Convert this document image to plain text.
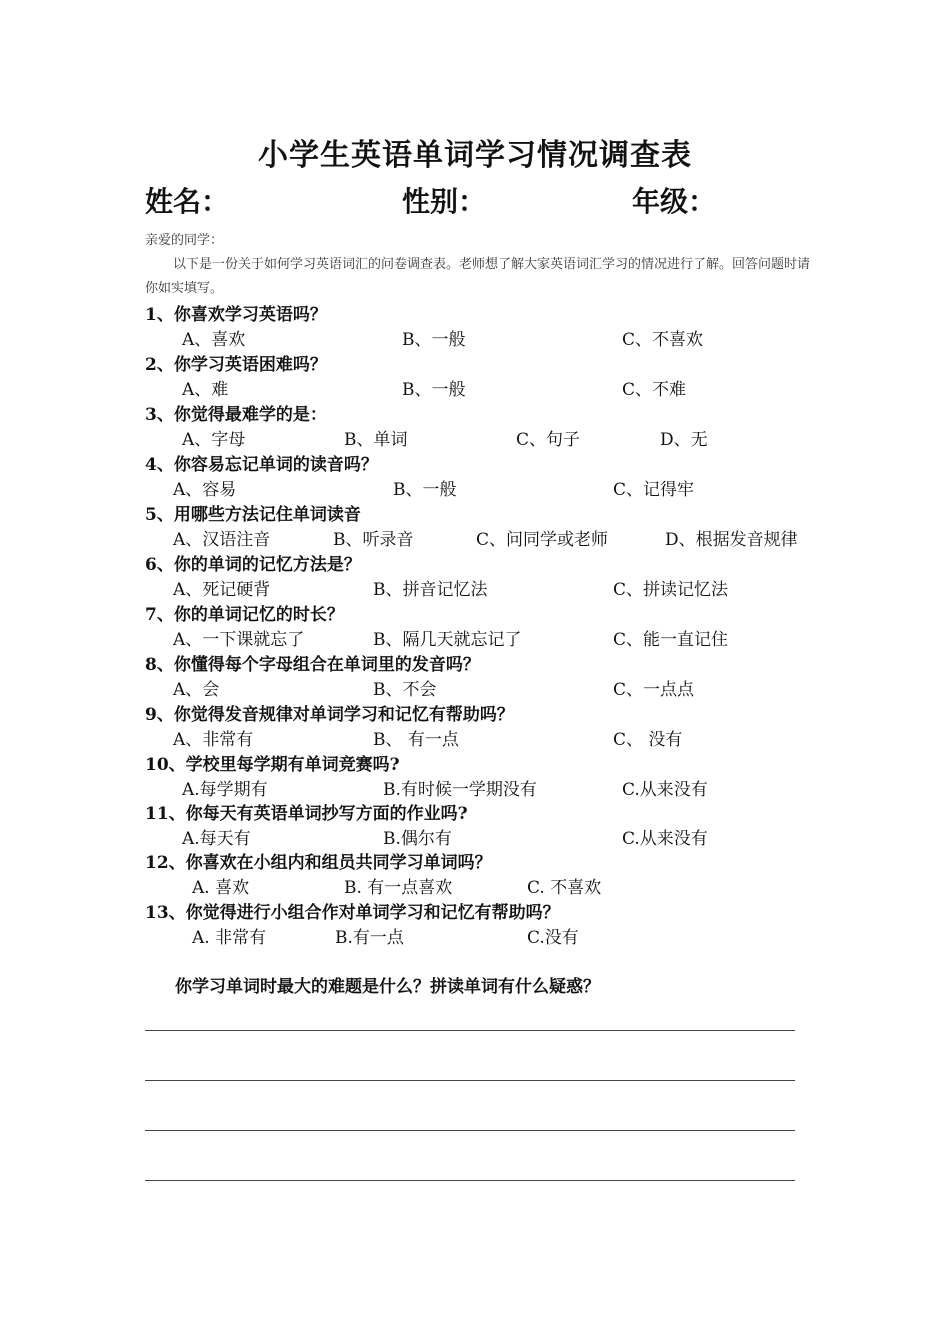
小学生英语单词学习情况调查表
姓名：	性别：	年级：
亲爱的同学：
以下是一份关于如何学习英语词汇的问卷调查表。老师想了解大家英语词汇学习的情况进行了解。回答问题时请你如实填写。
1、你喜欢学习英语吗？
A、喜欢	B、一般	C、不喜欢
2、你学习英语困难吗？
A、难	B、一般	C、不难
3、你觉得最难学的是：
A、字母	B、单词	C、句子	D、无
4、你容易忘记单词的读音吗？
A、容易	B、一般	C、记得牢
5、用哪些方法记住单词读音
A、汉语注音	B、听录音	C、问同学或老师	D、根据发音规律
6、你的单词的记忆方法是？
A、死记硬背	B、拼音记忆法	C、拼读记忆法
7、你的单词记忆的时长？
A、一下课就忘了	B、隔几天就忘记了	C、能一直记住
8、你懂得每个字母组合在单词里的发音吗？
A、会	B、不会	C、一点点
9、你觉得发音规律对单词学习和记忆有帮助吗？
A、非常有	B、 有一点	C、 没有
10、学校里每学期有单词竞赛吗?
A.每学期有	B.有时候一学期没有	C.从来没有
11、你每天有英语单词抄写方面的作业吗?
A.每天有	B.偶尔有	C.从来没有
12、你喜欢在小组内和组员共同学习单词吗？
A. 喜欢	B. 有一点喜欢	C. 不喜欢
13、你觉得进行小组合作对单词学习和记忆有帮助吗？
A. 非常有	B.有一点	C.没有
你学习单词时最大的难题是什么？拼读单词有什么疑惑？
